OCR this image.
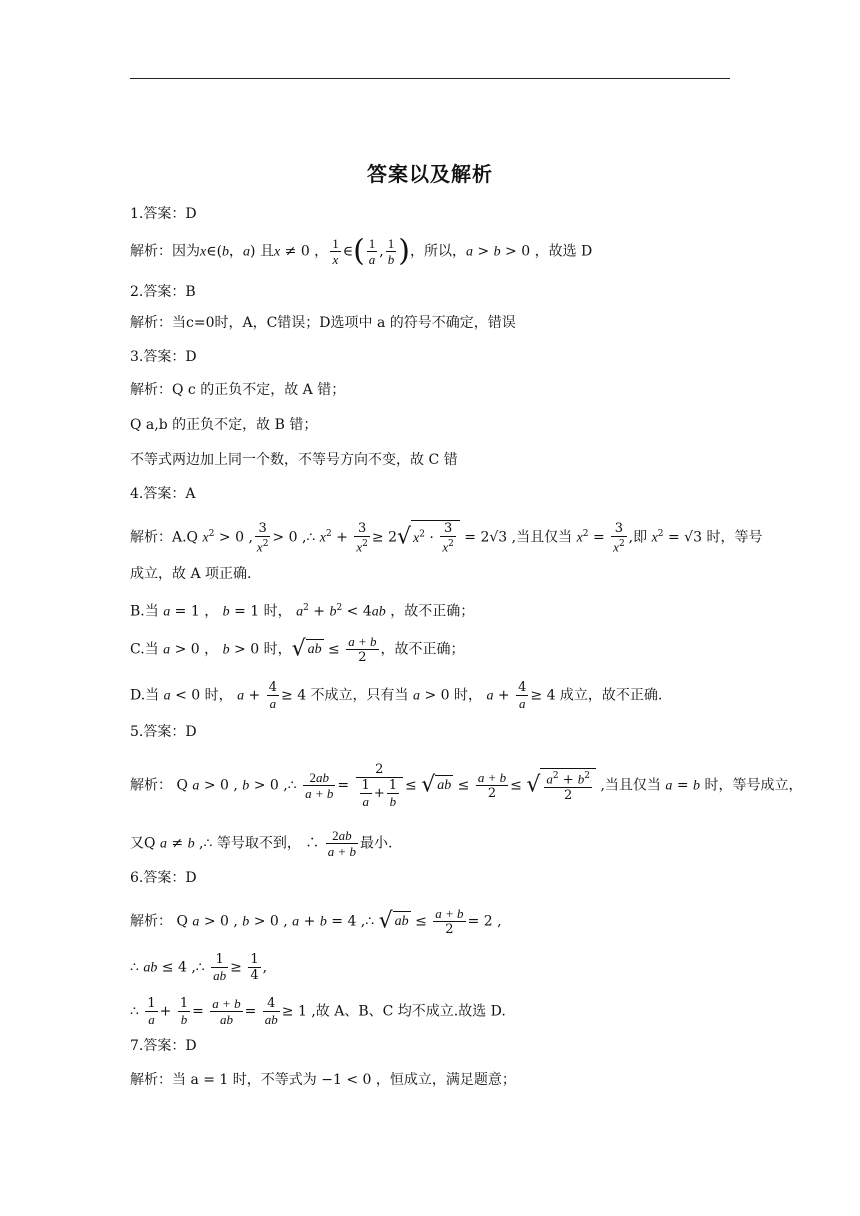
答案以及解析
1.答案：D
解析：因为x∈(b，a) 且x ≠ 0 ， $\frac{1}{x}$ ∈( $\frac{1}{a}$ , $\frac{1}{b}$ )，所以，a > b > 0 ，故选 D
2.答案：B
解析：当c=0时，A，C错误；D选项中 a 的符号不确定，错误
3.答案：D
解析：Q c 的正负不定，故 A 错；
Q a,b 的正负不定，故 B 错；
不等式两边加上同一个数，不等号方向不变，故 C 错
4.答案：A
解析：A.Q $x^2 > 0$ , $\frac{3}{x^2} > 0$ ,∴ $x^2 + \frac{3}{x^2} \ge 2√$ $x^2 \cdot \frac{3}{x^2} = 2√3$ ,当且仅当 $x^2 = \frac{3}{x^2}$ ,即 $x^2 = √3$ 时，等号
成立，故 A 项正确.
B.当 a = 1 ， b = 1 时， $a^2 + b^2 < 4ab$ ，故不正确；
C.当 a > 0 ， b > 0 时，√ ab ≤ $\frac{a + b}{2}$ ，故不正确；
D.当 a < 0 时， $a + \frac{4}{a} \ge 4$ 不成立，只有当 a > 0 时， $a + \frac{4}{a} \ge 4$ 成立，故不正确.
5.答案：D
解析： Q a > 0 , b > 0 ,∴ $\frac{2ab}{a + b} = \frac{2}{\frac{1}{a} + \frac{1}{b}}$ ≤ √ ab ≤ $\frac{a + b}{2}$ ≤ √ $\frac{a^2 + b^2}{2}$ ,当且仅当 a = b 时，等号成立，
又Q a ≠ b ,∴ 等号取不到， ∴ $\frac{2ab}{a + b}$ 最小.
6.答案：D
解析： Q a > 0 , b > 0 , a + b = 4 ,∴ √ ab ≤ $\frac{a + b}{2} = 2$ ,
∴ ab ≤ 4 ,∴ $\frac{1}{ab} \ge \frac{1}{4}$ ,
∴ $\frac{1}{a} + \frac{1}{b} = \frac{a + b}{ab} = \frac{4}{ab} \ge 1$ ,故 A、B、C 均不成立.故选 D.
7.答案：D
解析：当 a = 1 时，不等式为 −1 < 0 ，恒成立，满足题意；
